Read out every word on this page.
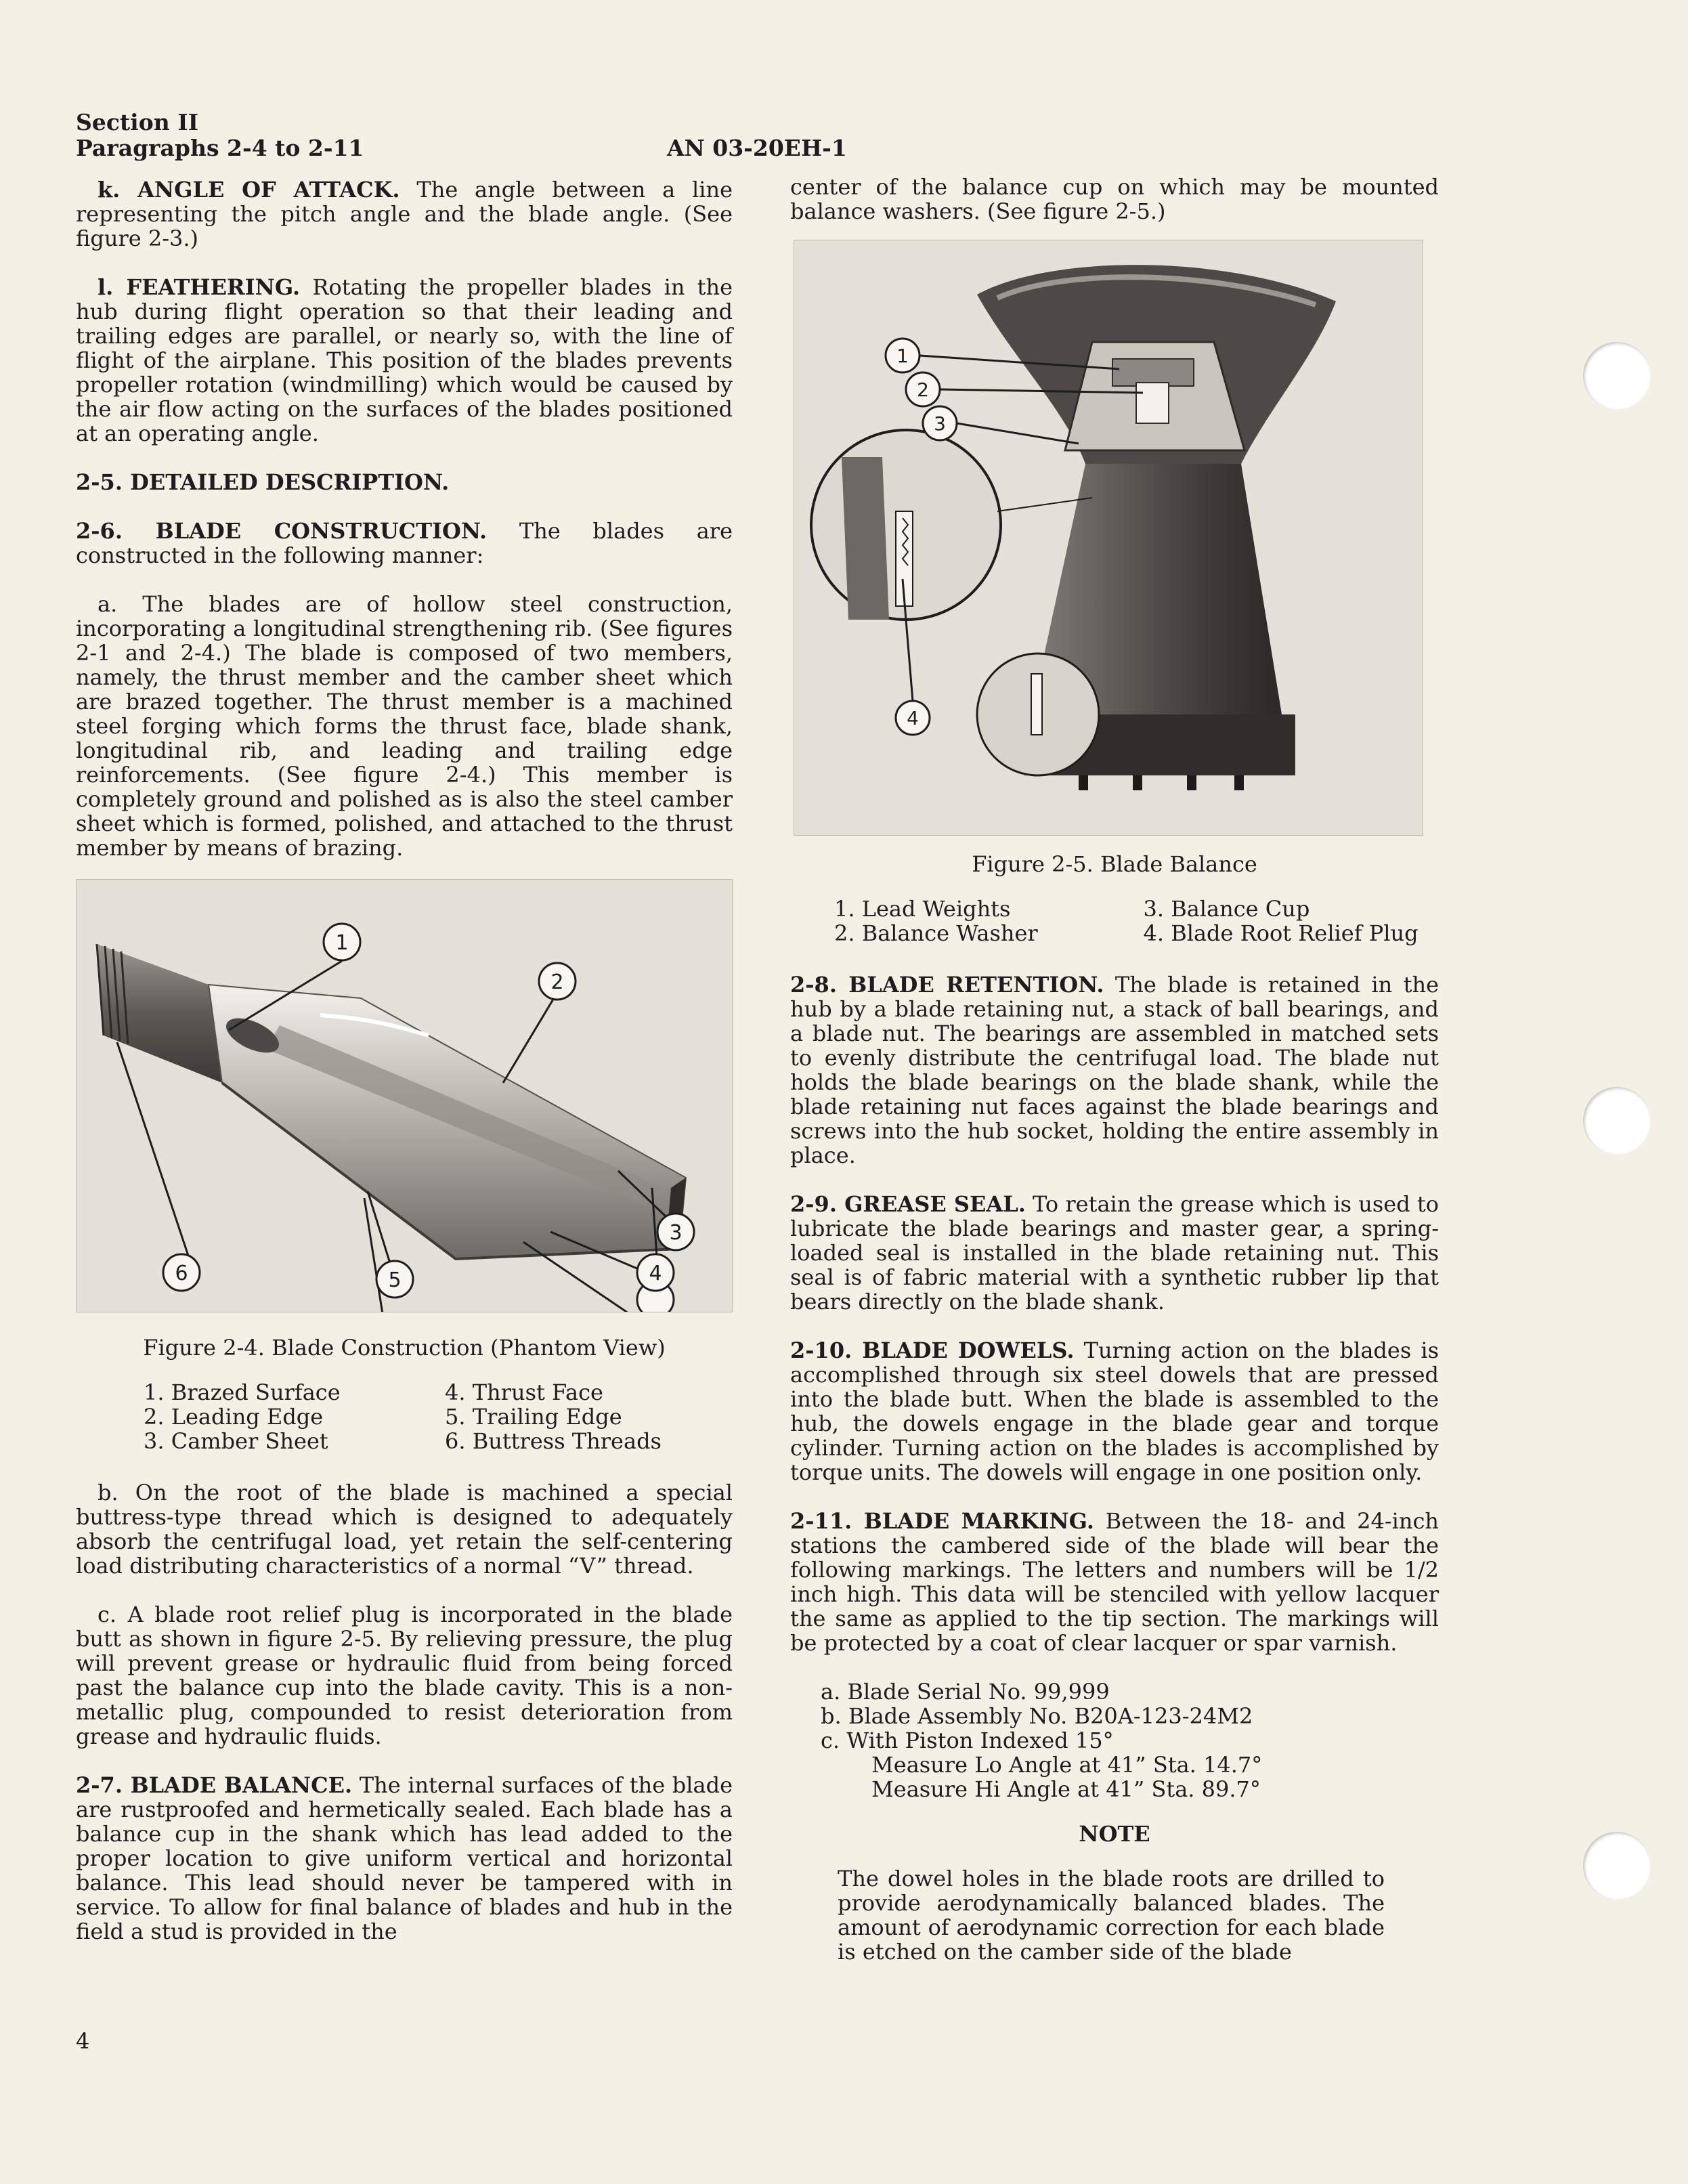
Section II
Paragraphs 2-4 to 2-11	AN 03-20EH-1

k. ANGLE OF ATTACK. The angle between a line representing the pitch angle and the blade angle. (See figure 2-3.)

l. FEATHERING. Rotating the propeller blades in the hub during flight operation so that their leading and trailing edges are parallel, or nearly so, with the line of flight of the airplane. This position of the blades prevents propeller rotation (windmilling) which would be caused by the air flow acting on the surfaces of the blades positioned at an operating angle.

2-5. DETAILED DESCRIPTION.

2-6. BLADE CONSTRUCTION. The blades are constructed in the following manner:

a. The blades are of hollow steel construction, incorporating a longitudinal strengthening rib. (See figures 2-1 and 2-4.) The blade is composed of two members, namely, the thrust member and the camber sheet which are brazed together. The thrust member is a machined steel forging which forms the thrust face, blade shank, longitudinal rib, and leading and trailing edge reinforcements. (See figure 2-4.) This member is completely ground and polished as is also the steel camber sheet which is formed, polished, and attached to the thrust member by means of brazing.

1
2
6
3
4
5
Figure 2-4. Blade Construction (Phantom View)
1. Brazed Surface	4. Thrust Face
2. Leading Edge	5. Trailing Edge
3. Camber Sheet	6. Buttress Threads

b. On the root of the blade is machined a special buttress-type thread which is designed to adequately absorb the centrifugal load, yet retain the self-centering load distributing characteristics of a normal “V” thread.

c. A blade root relief plug is incorporated in the blade butt as shown in figure 2-5. By relieving pressure, the plug will prevent grease or hydraulic fluid from being forced past the balance cup into the blade cavity. This is a non-metallic plug, compounded to resist deterioration from grease and hydraulic fluids.

2-7. BLADE BALANCE. The internal surfaces of the blade are rustproofed and hermetically sealed. Each blade has a balance cup in the shank which has lead added to the proper location to give uniform vertical and horizontal balance. This lead should never be tampered with in service. To allow for final balance of blades and hub in the field a stud is provided in the

center of the balance cup on which may be mounted balance washers. (See figure 2-5.)

1
2
3
4
Figure 2-5. Blade Balance
1. Lead Weights	3. Balance Cup
2. Balance Washer	4. Blade Root Relief Plug

2-8. BLADE RETENTION. The blade is retained in the hub by a blade retaining nut, a stack of ball bearings, and a blade nut. The bearings are assembled in matched sets to evenly distribute the centrifugal load. The blade nut holds the blade bearings on the blade shank, while the blade retaining nut faces against the blade bearings and screws into the hub socket, holding the entire assembly in place.

2-9. GREASE SEAL. To retain the grease which is used to lubricate the blade bearings and master gear, a spring-loaded seal is installed in the blade retaining nut. This seal is of fabric material with a synthetic rubber lip that bears directly on the blade shank.

2-10. BLADE DOWELS. Turning action on the blades is accomplished through six steel dowels that are pressed into the blade butt. When the blade is assembled to the hub, the dowels engage in the blade gear and torque cylinder. Turning action on the blades is accomplished by torque units. The dowels will engage in one position only.

2-11. BLADE MARKING. Between the 18- and 24-inch stations the cambered side of the blade will bear the following markings. The letters and numbers will be 1/2 inch high. This data will be stenciled with yellow lacquer the same as applied to the tip section. The markings will be protected by a coat of clear lacquer or spar varnish.

a. Blade Serial No. 99,999
b. Blade Assembly No. B20A-123-24M2
c. With Piston Indexed 15°
Measure Lo Angle at 41” Sta. 14.7°
Measure Hi Angle at 41” Sta. 89.7°
NOTE

The dowel holes in the blade roots are drilled to provide aerodynamically balanced blades. The amount of aerodynamic correction for each blade is etched on the camber side of the blade

4
